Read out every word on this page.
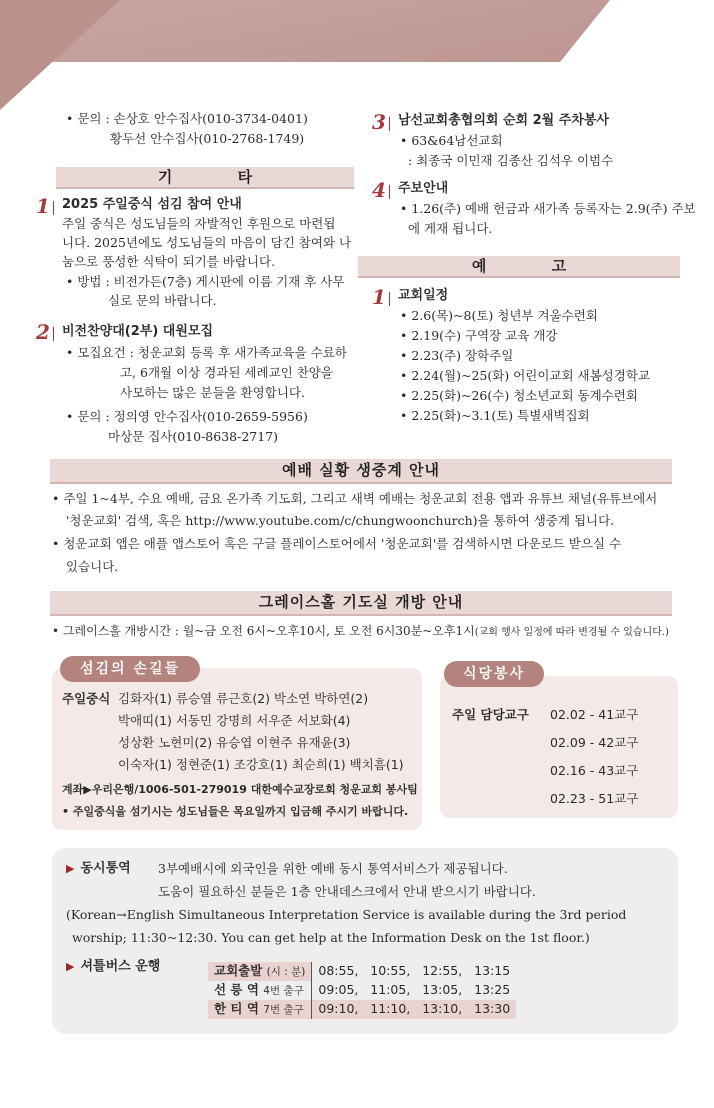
• 문의 : 손상호 안수집사(010-3734-0401)
황두선 안수집사(010-2768-1749)
기 타
1 2025 주일중식 섬김 참여 안내
주일 중식은 성도님들의 자발적인 후원으로 마련됩
니다. 2025년에도 성도님들의 마음이 담긴 참여와 나
눔으로 풍성한 식탁이 되기를 바랍니다.
• 방법 : 비전가든(7층) 게시판에 이름 기재 후 사무
실로 문의 바랍니다.
2 비전찬양대(2부) 대원모집
• 모집요건 : 청운교회 등록 후 새가족교육을 수료하
고, 6개월 이상 경과된 세례교인 찬양을
사모하는 많은 분들을 환영합니다.
• 문의 : 정의영 안수집사(010-2659-5956)
마상문 집사(010-8638-2717)
3 남선교회총협의회 순회 2월 주차봉사
• 63&64남선교회
: 최종국 이민재 김종산 김석우 이범수
4 주보안내
• 1.26(주) 예배 헌금과 새가족 등록자는 2.9(주) 주보
에 게재 됩니다.
예 고
1 교회일정
• 2.6(목)~8(토) 청년부 겨울수련회
• 2.19(수) 구역장 교육 개강
• 2.23(주) 장학주일
• 2.24(월)~25(화) 어린이교회 새봄성경학교
• 2.25(화)~26(수) 청소년교회 동계수련회
• 2.25(화)~3.1(토) 특별새벽집회
예배 실황 생중계 안내
• 주일 1~4부, 수요 예배, 금요 온가족 기도회, 그리고 새벽 예배는 청운교회 전용 앱과 유튜브 채널(유튜브에서
'청운교회' 검색, 혹은 http://www.youtube.com/c/chungwoonchurch)을 통하여 생중계 됩니다.
• 청운교회 앱은 애플 앱스토어 혹은 구글 플레이스토어에서 '청운교회'를 검색하시면 다운로드 받으실 수
있습니다.
그레이스홀 기도실 개방 안내
• 그레이스홀 개방시간 : 월~금 오전 6시~오후10시, 토 오전 6시30분~오후1시(교회 행사 일정에 따라 변경될 수 있습니다.)
섬김의 손길들
주일중식 김화자(1) 류승열 류근호(2) 박소연 박하연(2)
박애띠(1) 서동민 강명희 서우준 서보화(4)
성상환 노현미(2) 유승엽 이현주 유재윤(3)
이숙자(1) 정현준(1) 조강호(1) 최순희(1) 백치흠(1)
계좌▶우리은행/1006-501-279019 대한예수교장로회 청운교회 봉사팀
• 주일중식을 섬기시는 성도님들은 목요일까지 입금해 주시기 바랍니다.
식당봉사
주일 담당교구 02.02 - 41교구
02.09 - 42교구
02.16 - 43교구
02.23 - 51교구
▶ 동시통역 3부예배시에 외국인을 위한 예배 동시 통역서비스가 제공됩니다.
도움이 필요하신 분들은 1층 안내데스크에서 안내 받으시기 바랍니다.
(Korean→English Simultaneous Interpretation Service is available during the 3rd period
worship; 11:30~12:30. You can get help at the Information Desk on the 1st floor.)
▶ 셔틀버스 운행	교회출발 (시 : 분)	08:55,   10:55,   12:55,   13:15
선 릉 역 4번 출구	09:05,   11:05,   13:05,   13:25
한 티 역 7번 출구	09:10,   11:10,   13:10,   13:30
